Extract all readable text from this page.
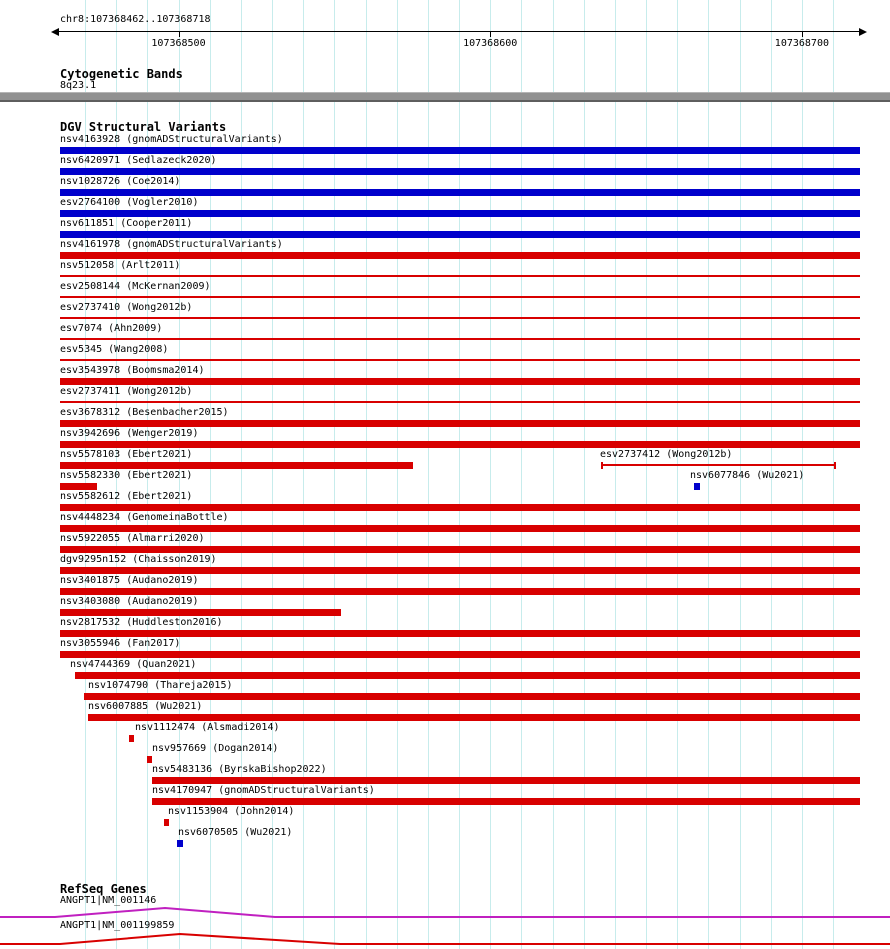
chr8:107368462..107368718
Cytogenetic Bands
8q23.1
DGV Structural Variants
RefSeq Genes
107368500	107368600	107368700
nsv4163928 (gnomADStructuralVariants)
nsv6420971 (Sedlazeck2020)
nsv1028726 (Coe2014)
esv2764100 (Vogler2010)
nsv611851 (Cooper2011)
nsv4161978 (gnomADStructuralVariants)
nsv512058 (Arlt2011)
esv2508144 (McKernan2009)
esv2737410 (Wong2012b)
esv7074 (Ahn2009)
esv5345 (Wang2008)
esv3543978 (Boomsma2014)
esv2737411 (Wong2012b)
esv3678312 (Besenbacher2015)
nsv3942696 (Wenger2019)
nsv5578103 (Ebert2021)	esv2737412 (Wong2012b)
nsv5582330 (Ebert2021)	nsv6077846 (Wu2021)
nsv5582612 (Ebert2021)
nsv4448234 (GenomeinaBottle)
nsv5922055 (Almarri2020)
dgv9295n152 (Chaisson2019)
nsv3401875 (Audano2019)
nsv3403080 (Audano2019)
nsv2817532 (Huddleston2016)
nsv3055946 (Fan2017)
nsv4744369 (Quan2021)
nsv1074790 (Thareja2015)
nsv6007885 (Wu2021)
nsv1112474 (Alsmadi2014)
nsv957669 (Dogan2014)
nsv5483136 (ByrskaBishop2022)
nsv4170947 (gnomADStructuralVariants)
nsv1153904 (John2014)
nsv6070505 (Wu2021)
ANGPT1|NM_001146
ANGPT1|NM_001199859
